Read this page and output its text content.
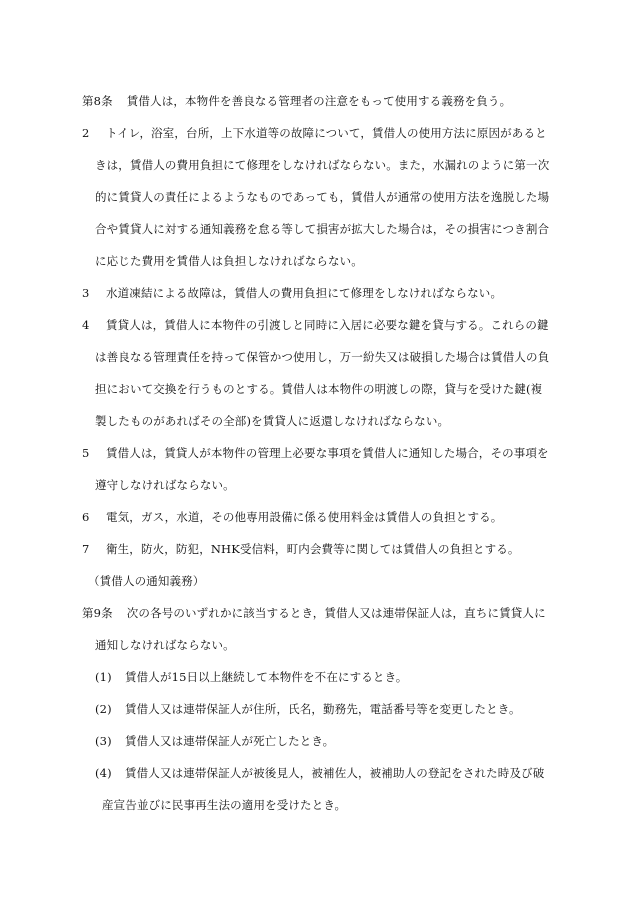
第8条 賃借人は，本物件を善良なる管理者の注意をもって使用する義務を負う。
2 トイレ，浴室，台所，上下水道等の故障について，賃借人の使用方法に原因があると
きは，賃借人の費用負担にて修理をしなければならない。また，水漏れのように第一次
的に賃貸人の責任によるようなものであっても，賃借人が通常の使用方法を逸脱した場
合や賃貸人に対する通知義務を怠る等して損害が拡大した場合は，その損害につき割合
に応じた費用を賃借人は負担しなければならない。
3 水道凍結による故障は，賃借人の費用負担にて修理をしなければならない。
4 賃貸人は，賃借人に本物件の引渡しと同時に入居に必要な鍵を貸与する。これらの鍵
は善良なる管理責任を持って保管かつ使用し，万一紛失又は破損した場合は賃借人の負
担において交換を行うものとする。賃借人は本物件の明渡しの際，貸与を受けた鍵(複
製したものがあればその全部)を賃貸人に返還しなければならない。
5 賃借人は，賃貸人が本物件の管理上必要な事項を賃借人に通知した場合，その事項を
遵守しなければならない。
6 電気，ガス，水道，その他専用設備に係る使用料金は賃借人の負担とする。
7 衛生，防火，防犯，NHK受信料，町内会費等に関しては賃借人の負担とする。
（賃借人の通知義務）
第9条 次の各号のいずれかに該当するとき，賃借人又は連帯保証人は，直ちに賃貸人に
通知しなければならない。
(1) 賃借人が15日以上継続して本物件を不在にするとき。
(2) 賃借人又は連帯保証人が住所，氏名，勤務先，電話番号等を変更したとき。
(3) 賃借人又は連帯保証人が死亡したとき。
(4) 賃借人又は連帯保証人が被後見人，被補佐人，被補助人の登記をされた時及び破
産宣告並びに民事再生法の適用を受けたとき。
